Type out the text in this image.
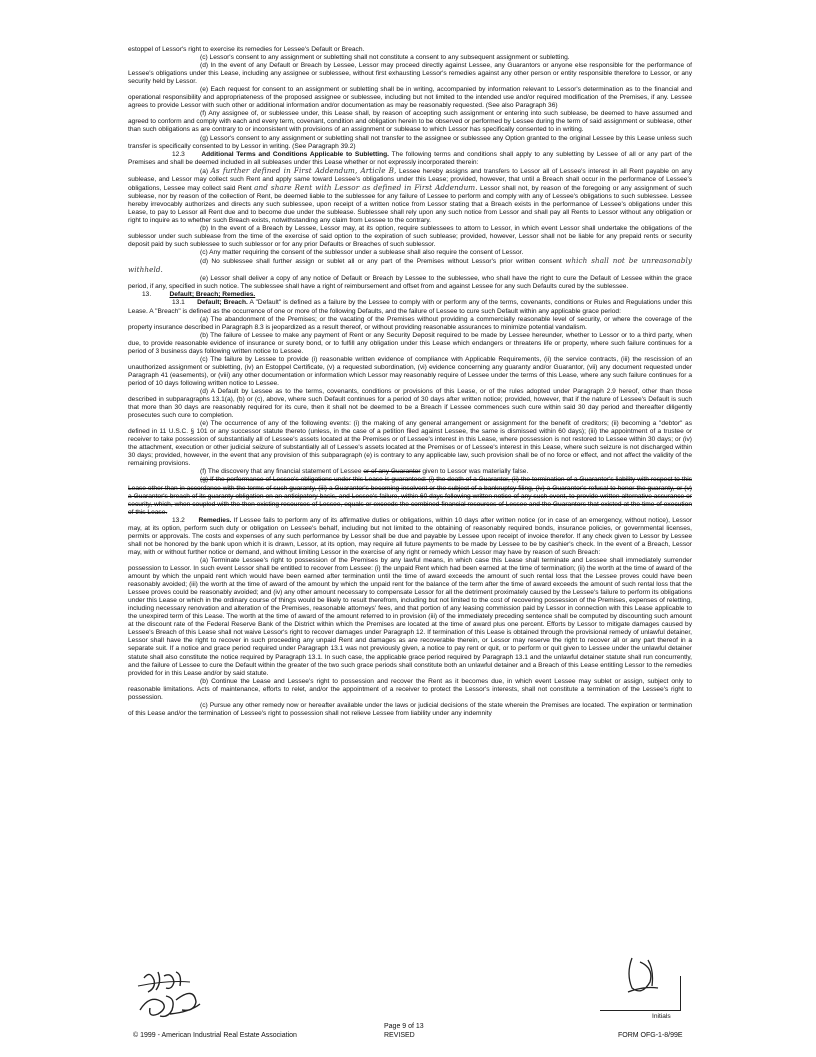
estoppel of Lessor's right to exercise its remedies for Lessee's Default or Breach.

(c) Lessor's consent to any assignment or subletting shall not constitute a consent to any subsequent assignment or subletting.

(d) In the event of any Default or Breach by Lessee, Lessor may proceed directly against Lessee, any Guarantors or anyone else responsible for the performance of Lessee's obligations under this Lease, including any assignee or sublessee, without first exhausting Lessor's remedies against any other person or entity responsible therefore to Lessor, or any security held by Lessor.

(e) Each request for consent to an assignment or subletting shall be in writing, accompanied by information relevant to Lessor's determination as to the financial and operational responsibility and appropriateness of the proposed assignee or sublessee, including but not limited to the intended use and/or required modification of the Premises, if any. Lessee agrees to provide Lessor with such other or additional information and/or documentation as may be reasonably requested. (See also Paragraph 36)

(f) Any assignee of, or sublessee under, this Lease shall, by reason of accepting such assignment or entering into such sublease, be deemed to have assumed and agreed to conform and comply with each and every term, covenant, condition and obligation herein to be observed or performed by Lessee during the term of said assignment or sublease, other than such obligations as are contrary to or inconsistent with provisions of an assignment or sublease to which Lessor has specifically consented to in writing.

(g) Lessor's consent to any assignment or subletting shall not transfer to the assignee or sublessee any Option granted to the original Lessee by this Lease unless such transfer is specifically consented to by Lessor in writing. (See Paragraph 39.2)

12.3	Additional Terms and Conditions Applicable to Subletting. The following terms and conditions shall apply to any subletting by Lessee of all or any part of the Premises and shall be deemed included in all subleases under this Lease whether or not expressly incorporated therein:

(a) As further defined in First Addendum, Article B, Lessee hereby assigns and transfers to Lessor all of Lessee's interest in all Rent payable on any sublease, and Lessor may collect such Rent and apply same toward Lessee's obligations under this Lease; provided, however, that until a Breach shall occur in the performance of Lessee's obligations, Lessee may collect said Rent and share Rent with Lessor as defined in First Addendum. Lessor shall not, by reason of the foregoing or any assignment of such sublease, nor by reason of the collection of Rent, be deemed liable to the sublessee for any failure of Lessee to perform and comply with any of Lessee's obligations to such sublessee. Lessee hereby irrevocably authorizes and directs any such sublessee, upon receipt of a written notice from Lessor stating that a Breach exists in the performance of Lessee's obligations under this Lease, to pay to Lessor all Rent due and to become due under the sublease. Sublessee shall rely upon any such notice from Lessor and shall pay all Rents to Lessor without any obligation or right to inquire as to whether such Breach exists, notwithstanding any claim from Lessee to the contrary.

(b) In the event of a Breach by Lessee, Lessor may, at its option, require sublessees to attorn to Lessor, in which event Lessor shall undertake the obligations of the sublessor under such sublease from the time of the exercise of said option to the expiration of such sublease; provided, however, Lessor shall not be liable for any prepaid rents or security deposit paid by such sublessee to such sublessor or for any prior Defaults or Breaches of such sublessor.

(c) Any matter requiring the consent of the sublessor under a sublease shall also require the consent of Lessor.

(d) No sublessee shall further assign or sublet all or any part of the Premises without Lessor's prior written consent which shall not be unreasonably withheld.

(e) Lessor shall deliver a copy of any notice of Default or Breach by Lessee to the sublessee, who shall have the right to cure the Default of Lessee within the grace period, if any, specified in such notice. The sublessee shall have a right of reimbursement and offset from and against Lessee for any such Defaults cured by the sublessee.

13.	Default; Breach; Remedies.

13.1 Default; Breach. A "Default" is defined as a failure by the Lessee to comply with or perform any of the terms, covenants, conditions or Rules and Regulations under this Lease. A "Breach" is defined as the occurrence of one or more of the following Defaults, and the failure of Lessee to cure such Default within any applicable grace period:

(a) The abandonment of the Premises; or the vacating of the Premises without providing a commercially reasonable level of security, or where the coverage of the property insurance described in Paragraph 8.3 is jeopardized as a result thereof, or without providing reasonable assurances to minimize potential vandalism.

(b) The failure of Lessee to make any payment of Rent or any Security Deposit required to be made by Lessee hereunder, whether to Lessor or to a third party, when due, to provide reasonable evidence of insurance or surety bond, or to fulfill any obligation under this Lease which endangers or threatens life or property, where such failure continues for a period of 3 business days following written notice to Lessee.

(c) The failure by Lessee to provide (i) reasonable written evidence of compliance with Applicable Requirements, (ii) the service contracts, (iii) the rescission of an unauthorized assignment or subletting, (iv) an Estoppel Certificate, (v) a requested subordination, (vi) evidence concerning any guaranty and/or Guarantor, (vii) any document requested under Paragraph 41 (easements), or (viii) any other documentation or information which Lessor may reasonably require of Lessee under the terms of this Lease, where any such failure continues for a period of 10 days following written notice to Lessee.

(d) A Default by Lessee as to the terms, covenants, conditions or provisions of this Lease, or of the rules adopted under Paragraph 2.9 hereof, other than those described in subparagraphs 13.1(a), (b) or (c), above, where such Default continues for a period of 30 days after written notice; provided, however, that if the nature of Lessee's Default is such that more than 30 days are reasonably required for its cure, then it shall not be deemed to be a Breach if Lessee commences such cure within said 30 day period and thereafter diligently prosecutes such cure to completion.

(e) The occurrence of any of the following events: (i) the making of any general arrangement or assignment for the benefit of creditors; (ii) becoming a "debtor" as defined in 11 U.S.C. § 101 or any successor statute thereto (unless, in the case of a petition filed against Lessee, the same is dismissed within 60 days); (iii) the appointment of a trustee or receiver to take possession of substantially all of Lessee's assets located at the Premises or of Lessee's interest in this Lease, where possession is not restored to Lessee within 30 days; or (iv) the attachment, execution or other judicial seizure of substantially all of Lessee's assets located at the Premises or of Lessee's interest in this Lease, where such seizure is not discharged within 30 days; provided, however, in the event that any provision of this subparagraph (e) is contrary to any applicable law, such provision shall be of no force or effect, and not affect the validity of the remaining provisions.

(f) The discovery that any financial statement of Lessee or of any Guarantor given to Lessor was materially false.

(g) If the performance of Lessee's obligations under this Lease is guaranteed: (i) the death of a Guarantor, (ii) the termination of a Guarantor's liability with respect to this Lease other than in accordance with the terms of such guaranty, (iii) a Guarantor's becoming insolvent or the subject of a bankruptcy filing, (iv) a Guarantor's refusal to honor the guaranty, or (v) a Guarantor's breach of its guaranty obligation on an anticipatory basis, and Lessee's failure, within 60 days following written notice of any such event, to provide written alternative assurance or security, which, when coupled with the then existing resources of Lessee, equals or exceeds the combined financial resources of Lessee and the Guarantors that existed at the time of execution of this Lease.

13.2 Remedies. If Lessee fails to perform any of its affirmative duties or obligations, within 10 days after written notice (or in case of an emergency, without notice), Lessor may, at its option, perform such duty or obligation on Lessee's behalf, including but not limited to the obtaining of reasonably required bonds, insurance policies, or governmental licenses, permits or approvals. The costs and expenses of any such performance by Lessor shall be due and payable by Lessee upon receipt of invoice therefor. If any check given to Lessor by Lessee shall not be honored by the bank upon which it is drawn, Lessor, at its option, may require all future payments to be made by Lessee to be by cashier's check. In the event of a Breach, Lessor may, with or without further notice or demand, and without limiting Lessor in the exercise of any right or remedy which Lessor may have by reason of such Breach:

(a) Terminate Lessee's right to possession of the Premises by any lawful means, in which case this Lease shall terminate and Lessee shall immediately surrender possession to Lessor. In such event Lessor shall be entitled to recover from Lessee: (i) the unpaid Rent which had been earned at the time of termination; (ii) the worth at the time of award of the amount by which the unpaid rent which would have been earned after termination until the time of award exceeds the amount of such rental loss that the Lessee proves could have been reasonably avoided; (iii) the worth at the time of award of the amount by which the unpaid rent for the balance of the term after the time of award exceeds the amount of such rental loss that the Lessee proves could be reasonably avoided; and (iv) any other amount necessary to compensate Lessor for all the detriment proximately caused by the Lessee's failure to perform its obligations under this Lease or which in the ordinary course of things would be likely to result therefrom, including but not limited to the cost of recovering possession of the Premises, expenses of reletting, including necessary renovation and alteration of the Premises, reasonable attorneys' fees, and that portion of any leasing commission paid by Lessor in connection with this Lease applicable to the unexpired term of this Lease. The worth at the time of award of the amount referred to in provision (iii) of the immediately preceding sentence shall be computed by discounting such amount at the discount rate of the Federal Reserve Bank of the District within which the Premises are located at the time of award plus one percent. Efforts by Lessor to mitigate damages caused by Lessee's Breach of this Lease shall not waive Lessor's right to recover damages under Paragraph 12. If termination of this Lease is obtained through the provisional remedy of unlawful detainer, Lessor shall have the right to recover in such proceeding any unpaid Rent and damages as are recoverable therein, or Lessor may reserve the right to recover all or any part thereof in a separate suit. If a notice and grace period required under Paragraph 13.1 was not previously given, a notice to pay rent or quit, or to perform or quit given to Lessee under the unlawful detainer statute shall also constitute the notice required by Paragraph 13.1. In such case, the applicable grace period required by Paragraph 13.1 and the unlawful detainer statute shall run concurrently, and the failure of Lessee to cure the Default within the greater of the two such grace periods shall constitute both an unlawful detainer and a Breach of this Lease entitling Lessor to the remedies provided for in this Lease and/or by said statute.

(b) Continue the Lease and Lessee's right to possession and recover the Rent as it becomes due, in which event Lessee may sublet or assign, subject only to reasonable limitations. Acts of maintenance, efforts to relet, and/or the appointment of a receiver to protect the Lessor's interests, shall not constitute a termination of the Lessee's right to possession.

(c) Pursue any other remedy now or hereafter available under the laws or judicial decisions of the state wherein the Premises are located. The expiration or termination of this Lease and/or the termination of Lessee's right to possession shall not relieve Lessee from liability under any indemnity

Initials
© 1999 - American Industrial Real Estate Association
Page 9 of 13
REVISED	FORM OFG-1-8/99E
